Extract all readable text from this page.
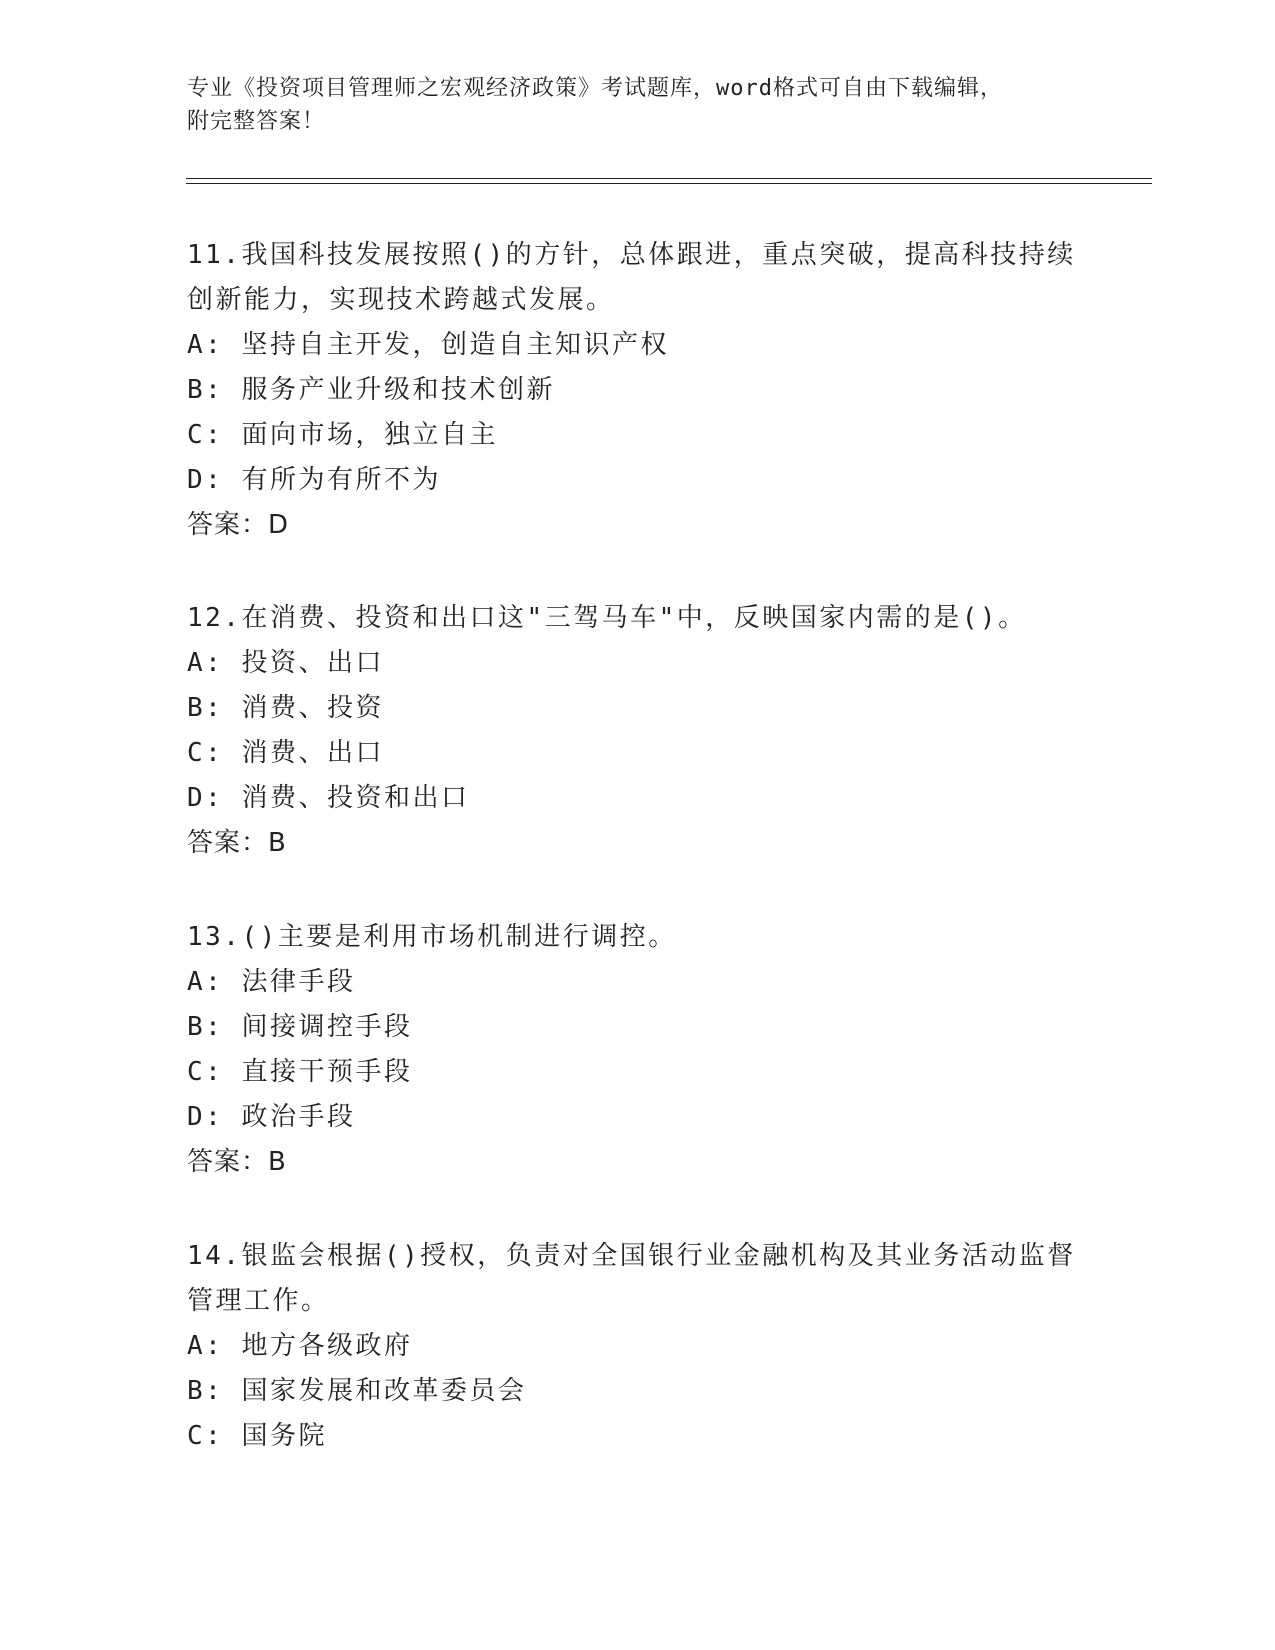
专业《投资项目管理师之宏观经济政策》考试题库，word格式可自由下载编辑，
附完整答案！

11.我国科技发展按照()的方针，总体跟进，重点突破，提高科技持续创新能力，实现技术跨越式发展。

A: 坚持自主开发，创造自主知识产权

B: 服务产业升级和技术创新

C: 面向市场，独立自主

D: 有所为有所不为

答案：D

12.在消费、投资和出口这"三驾马车"中，反映国家内需的是()。

A: 投资、出口

B: 消费、投资

C: 消费、出口

D: 消费、投资和出口

答案：B

13.()主要是利用市场机制进行调控。

A: 法律手段

B: 间接调控手段

C: 直接干预手段

D: 政治手段

答案：B

14.银监会根据()授权，负责对全国银行业金融机构及其业务活动监督管理工作。

A: 地方各级政府

B: 国家发展和改革委员会

C: 国务院
